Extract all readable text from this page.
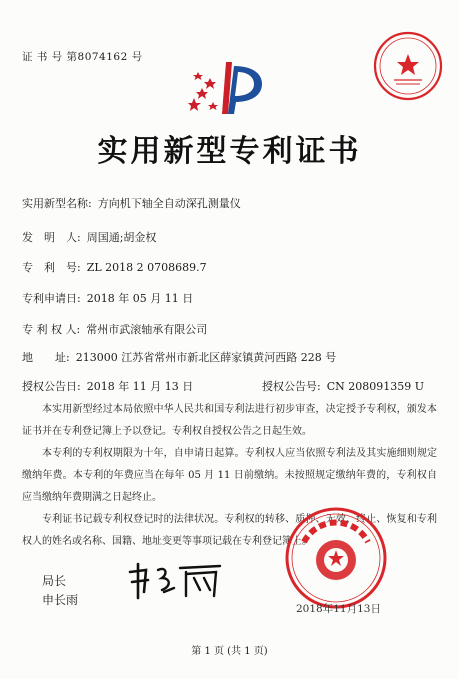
证 书 号 第8074162 号
实用新型专利证书
实用新型名称: 方向机下轴全自动深孔测量仪
发　明　人: 周国通;胡金权
专　利　号: ZL 2018 2 0708689.7
专利申请日: 2018 年 05 月 11 日
专 利 权 人: 常州市武滚轴承有限公司
地　　址: 213000 江苏省常州市新北区薛家镇黄河西路 228 号
授权公告日: 2018 年 11 月 13 日	授权公告号: CN 208091359 U

本实用新型经过本局依照中华人民共和国专利法进行初步审查，决定授予专利权，颁发本证书并在专利登记簿上予以登记。专利权自授权公告之日起生效。

本专利的专利权期限为十年，自申请日起算。专利权人应当依照专利法及其实施细则规定缴纳年费。本专利的年费应当在每年 05 月 11 日前缴纳。未按照规定缴纳年费的，专利权自应当缴纳年费期满之日起终止。

专利证书记载专利权登记时的法律状况。专利权的转移、质押、无效、终止、恢复和专利权人的姓名或名称、国籍、地址变更等事项记载在专利登记簿上。

局长
申长雨
2018年11月13日
第 1 页 (共 1 页)
